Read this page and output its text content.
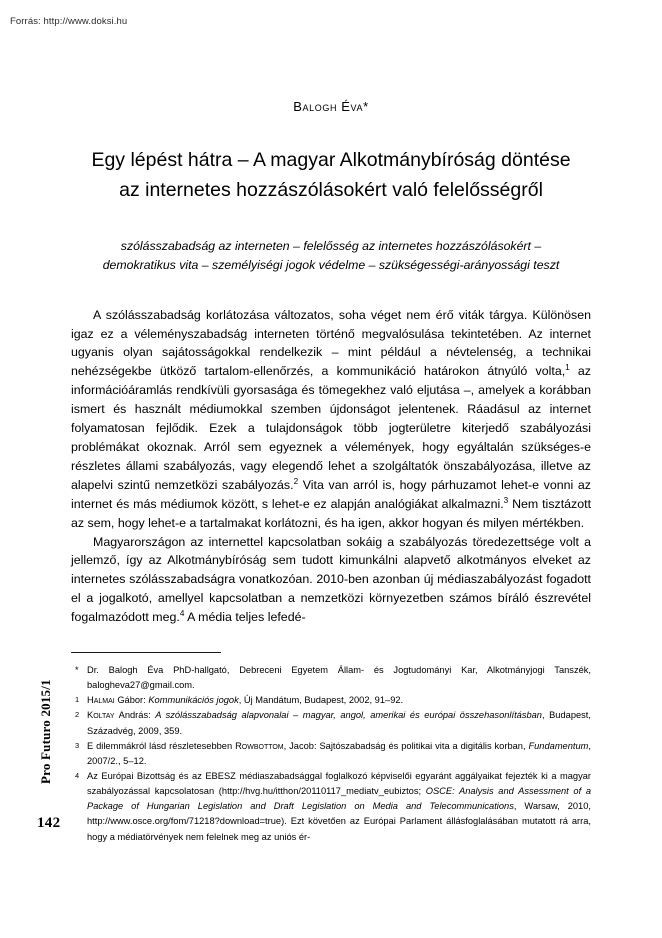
Forrás: http://www.doksi.hu
Pro Futuro 2015/1
142
Balogh Éva*
Egy lépést hátra – A magyar Alkotmánybíróság döntése az internetes hozzászólásokért való felelősségről
szólásszabadság az interneten – felelősség az internetes hozzászólásokért – demokratikus vita – személyiségi jogok védelme – szükségességi-arányossági teszt

A szólásszabadság korlátozása változatos, soha véget nem érő viták tárgya. Különösen igaz ez a véleményszabadság interneten történő megvalósulása tekintetében. Az internet ugyanis olyan sajátosságokkal rendelkezik – mint például a névtelenség, a technikai nehézségekbe ütköző tartalom-ellenőrzés, a kommunikáció határokon átnyúló volta,$^1$ az információáramlás rendkívüli gyorsasága és tömegekhez való eljutása –, amelyek a korábban ismert és használt médiumokkal szemben újdonságot jelentenek. Ráadásul az internet folyamatosan fejlődik. Ezek a tulajdonságok több jogterületre kiterjedő szabályozási problémákat okoznak. Arról sem egyeznek a vélemények, hogy egyáltalán szükséges-e részletes állami szabályozás, vagy elegendő lehet a szolgáltatók önszabályozása, illetve az alapelvi szintű nemzetközi szabályozás.$^2$ Vita van arról is, hogy párhuzamot lehet-e vonni az internet és más médiumok között, s lehet-e ez alapján analógiákat alkalmazni.$^3$ Nem tisztázott az sem, hogy lehet-e a tartalmakat korlátozni, és ha igen, akkor hogyan és milyen mértékben.

Magyarországon az internettel kapcsolatban sokáig a szabályozás töredezettsége volt a jellemző, így az Alkotmánybíróság sem tudott kimunkálni alapvető alkotmányos elveket az internetes szólásszabadságra vonatkozóan. 2010-ben azonban új médiaszabályozást fogadott el a jogalkotó, amellyel kapcsolatban a nemzetközi környezetben számos bíráló észrevétel fogalmazódott meg.$^4$ A média teljes lefedé-

* Dr. Balogh Éva PhD-hallgató, Debreceni Egyetem Állam- és Jogtudományi Kar, Alkotmányjogi Tanszék, balogheva27@gmail.com.
1 Halmai Gábor: Kommunikációs jogok, Új Mandátum, Budapest, 2002, 91–92.
2 Koltay András: A szólásszabadság alapvonalai – magyar, angol, amerikai és európai összehasonlításban, Budapest, Századvég, 2009, 359.
3 E dilemmákról lásd részletesebben Rowbottom, Jacob: Sajtószabadság és politikai vita a digitális korban, Fundamentum, 2007/2., 5–12.
4 Az Európai Bizottság és az EBESZ médiaszabadsággal foglalkozó képviselői egyaránt aggályaikat fejezték ki a magyar szabályozással kapcsolatosan (http://hvg.hu/itthon/20110117_mediatv_eubiztos; OSCE: Analysis and Assessment of a Package of Hungarian Legislation and Draft Legislation on Media and Telecommunications, Warsaw, 2010, http://www.osce.org/fom/71218?download=true). Ezt követően az Európai Parlament állásfoglalásában mutatott rá arra, hogy a médiatörvények nem felelnek meg az uniós ér-
